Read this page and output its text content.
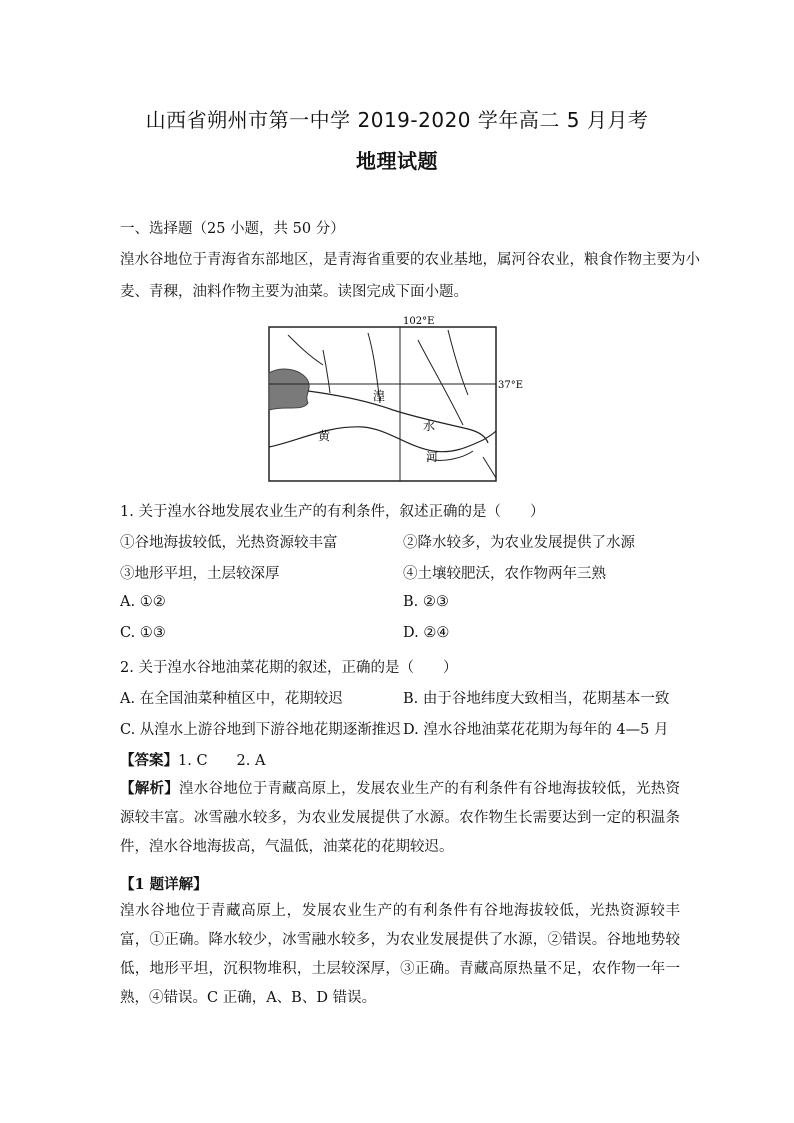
山西省朔州市第一中学 2019-2020 学年高二 5 月月考
地理试题
一、选择题（25 小题，共 50 分）
湟水谷地位于青海省东部地区，是青海省重要的农业基地，属河谷农业，粮食作物主要为小
麦、青稞，油料作物主要为油菜。读图完成下面小题。
102°E
37°E
湟
水
黄
河
1. 关于湟水谷地发展农业生产的有利条件，叙述正确的是（　　）
①谷地海拔较低，光热资源较丰富	②降水较多，为农业发展提供了水源
③地形平坦，土层较深厚	④土壤较肥沃，农作物两年三熟
A. ①②	B. ②③
C. ①③	D. ②④
2. 关于湟水谷地油菜花期的叙述，正确的是（　　）
A. 在全国油菜种植区中，花期较迟	B. 由于谷地纬度大致相当，花期基本一致
C. 从湟水上游谷地到下游谷地花期逐渐推迟 D. 湟水谷地油菜花花期为每年的 4—5 月
【答案】1. C　　2. A
【解析】湟水谷地位于青藏高原上，发展农业生产的有利条件有谷地海拔较低，光热资源较丰富。冰雪融水较多，为农业发展提供了水源。农作物生长需要达到一定的积温条件，湟水谷地海拔高，气温低，油菜花的花期较迟。
【1 题详解】
湟水谷地位于青藏高原上，发展农业生产的有利条件有谷地海拔较低，光热资源较丰富，①正确。降水较少，冰雪融水较多，为农业发展提供了水源，②错误。谷地地势较低，地形平坦，沉积物堆积，土层较深厚，③正确。青藏高原热量不足，农作物一年一熟，④错误。C 正确，A、B、D 错误。
